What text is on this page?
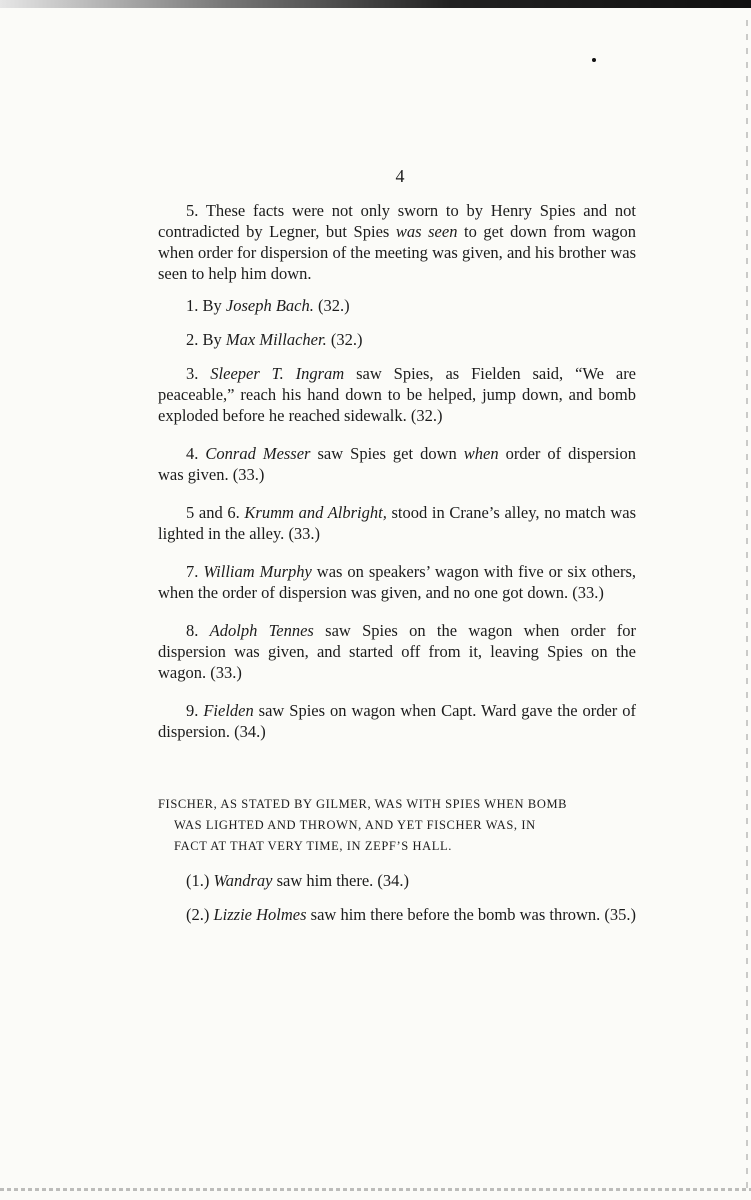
4

5. These facts were not only sworn to by Henry Spies and not contradicted by Legner, but Spies was seen to get down from wagon when order for dispersion of the meeting was given, and his brother was seen to help him down.

1. By Joseph Bach. (32.)

2. By Max Millacher. (32.)

3. Sleeper T. Ingram saw Spies, as Fielden said, “We are peaceable,” reach his hand down to be helped, jump down, and bomb exploded before he reached sidewalk. (32.)

4. Conrad Messer saw Spies get down when order of dispersion was given. (33.)

5 and 6. Krumm and Albright, stood in Crane’s alley, no match was lighted in the alley. (33.)

7. William Murphy was on speakers’ wagon with five or six others, when the order of dispersion was given, and no one got down. (33.)

8. Adolph Tennes saw Spies on the wagon when order for dispersion was given, and started off from it, leaving Spies on the wagon. (33.)

9. Fielden saw Spies on wagon when Capt. Ward gave the order of dispersion. (34.)

FISCHER, AS STATED BY GILMER, WAS WITH SPIES WHEN BOMB
WAS LIGHTED AND THROWN, AND YET FISCHER WAS, IN
FACT AT THAT VERY TIME, IN ZEPF’S HALL.

(1.) Wandray saw him there. (34.)

(2.) Lizzie Holmes saw him there before the bomb was thrown. (35.)
